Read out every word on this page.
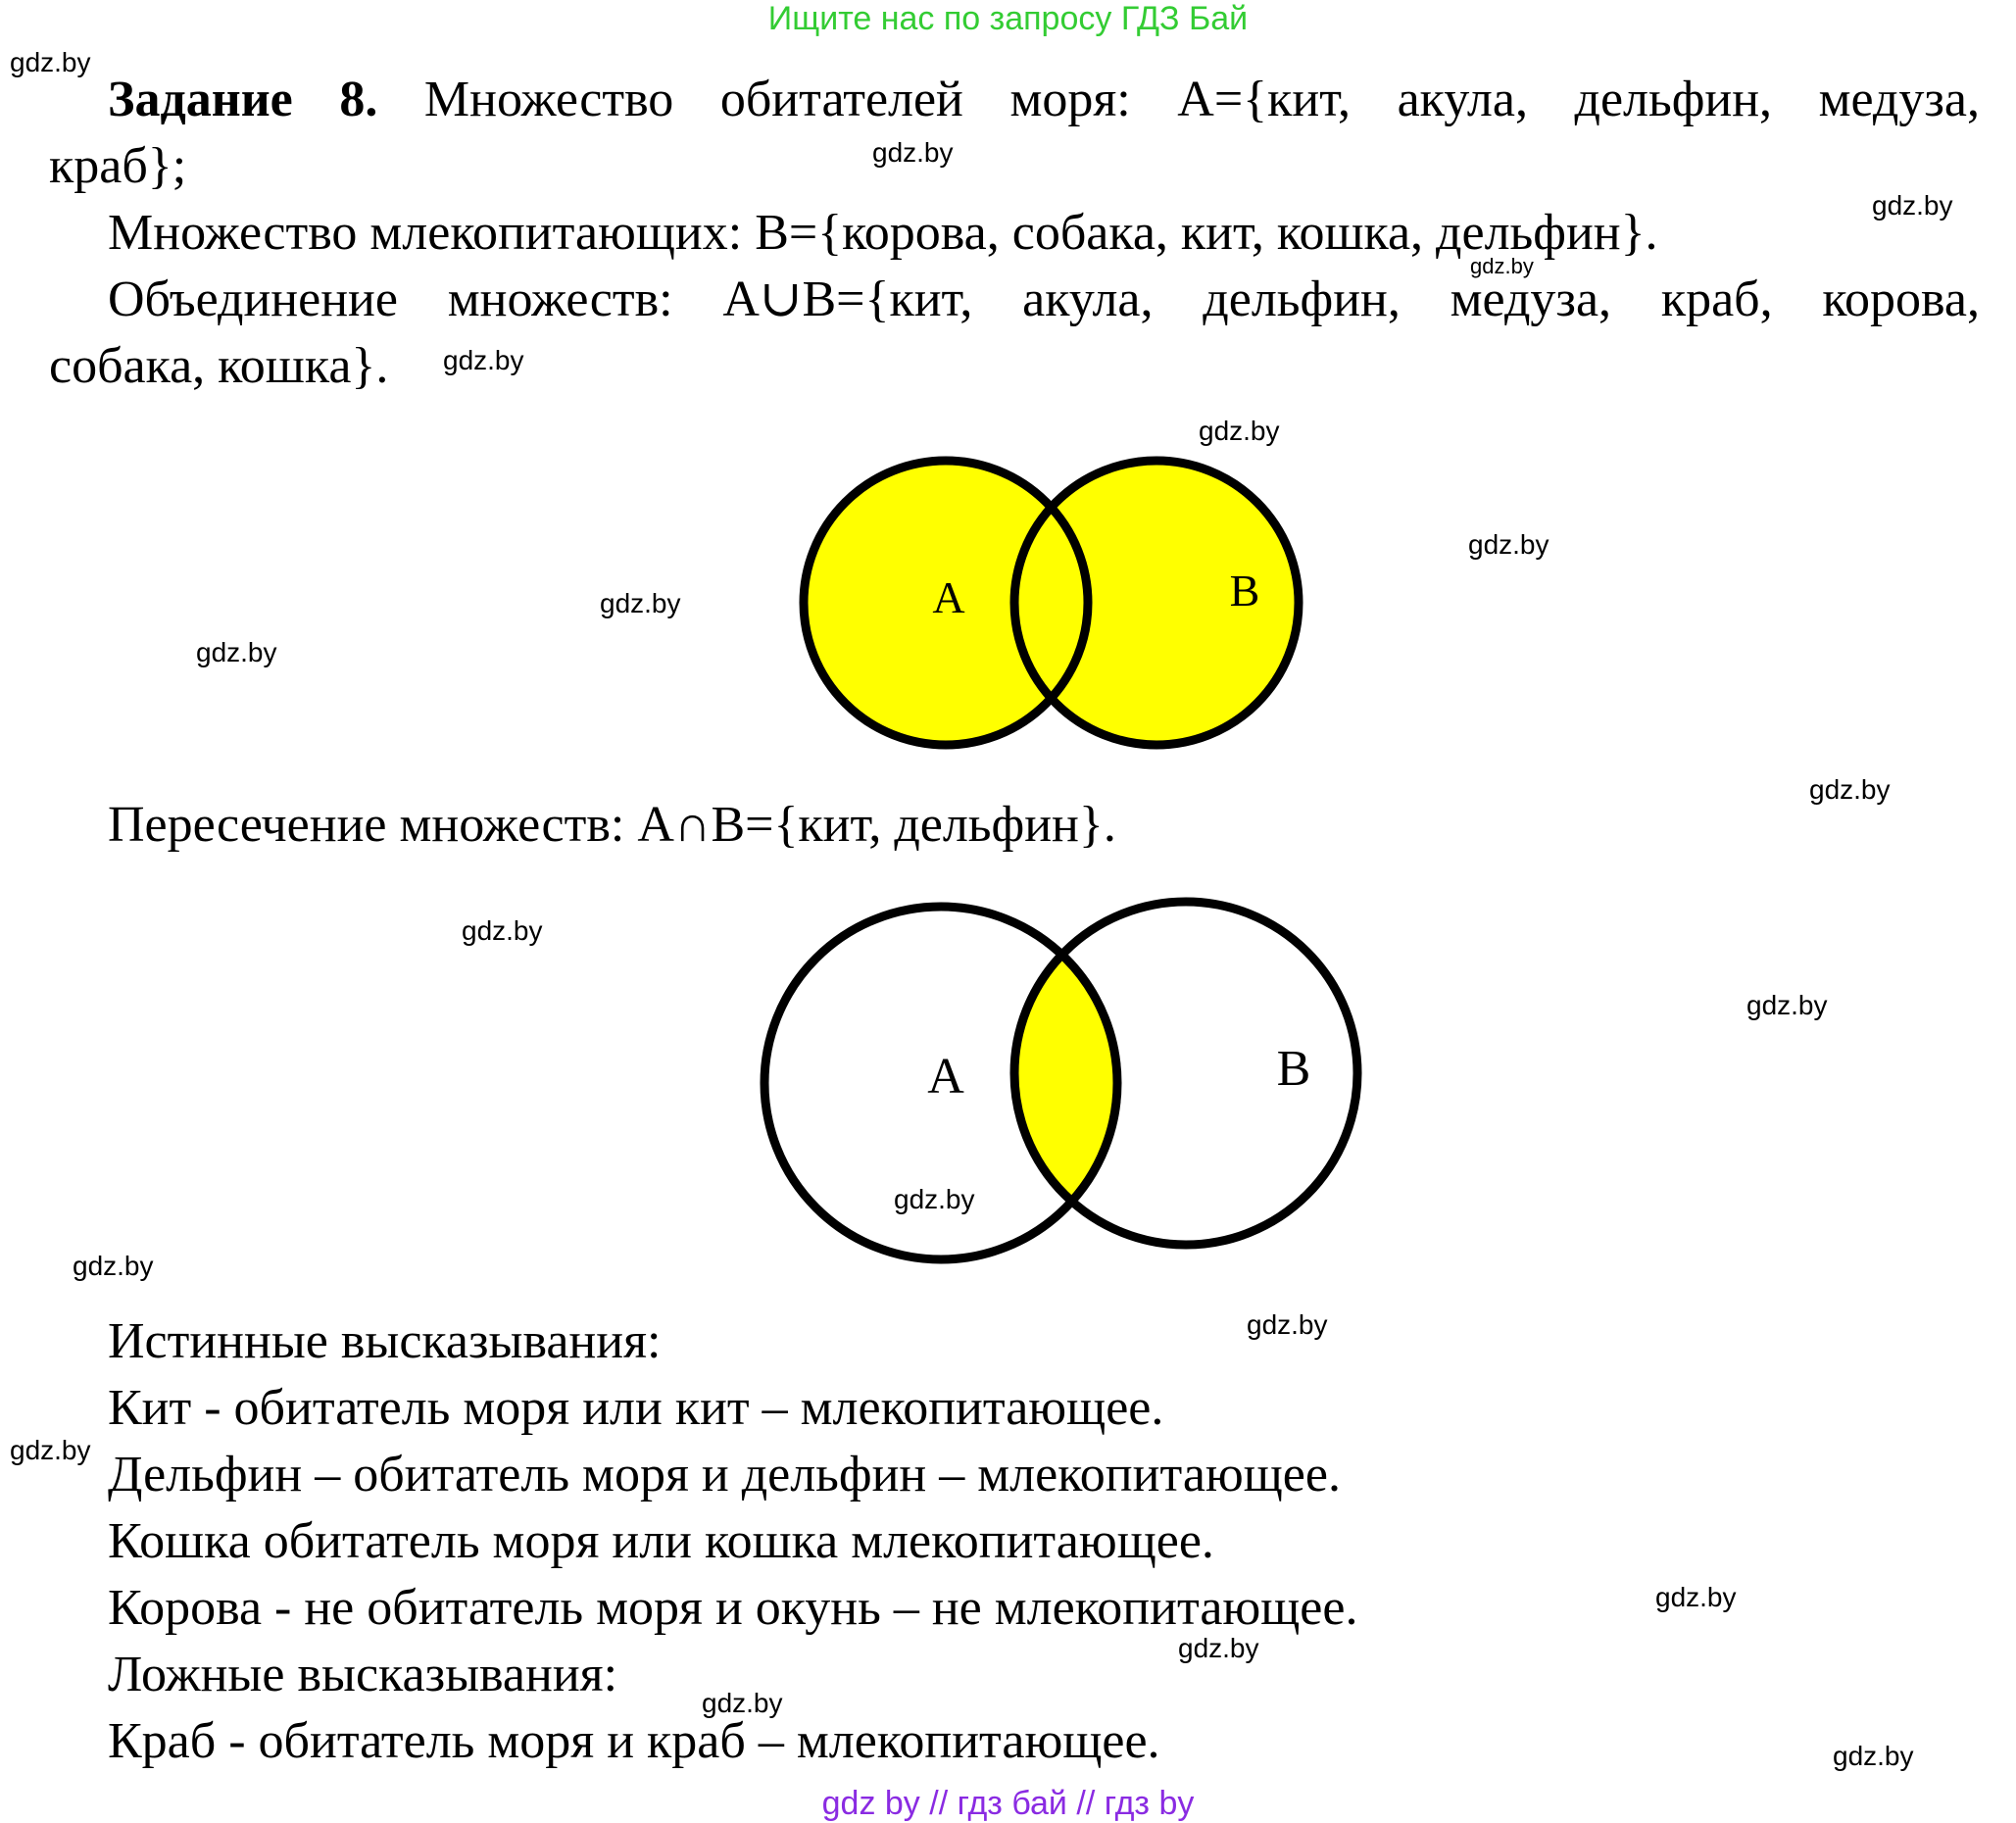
Ищите нас по запросу ГДЗ Бай
Задание 8. Множество обитателей моря: A={кит, акула, дельфин, медуза,
краб};
Множество млекопитающих: B={корова, собака, кит, кошка, дельфин}.
Объединение множеств: A∪B={кит, акула, дельфин, медуза, краб, корова,
собака, кошка}.
A	B
Пересечение множеств: A∩B={кит, дельфин}.
A	B
Истинные высказывания:
Кит - обитатель моря или кит – млекопитающее.
Дельфин – обитатель моря и дельфин – млекопитающее.
Кошка обитатель моря или кошка млекопитающее.
Корова - не обитатель моря и окунь – не млекопитающее.
Ложные высказывания:
Краб - обитатель моря и краб – млекопитающее.
gdz.by
gdz.by
gdz.by
gdz.by
gdz.by
gdz.by
gdz.by
gdz.by
gdz.by
gdz.by
gdz.by
gdz.by
gdz.by
gdz.by
gdz.by
gdz.by
gdz.by
gdz.by
gdz.by
gdz.by
gdz by // гдз бай // гдз by
